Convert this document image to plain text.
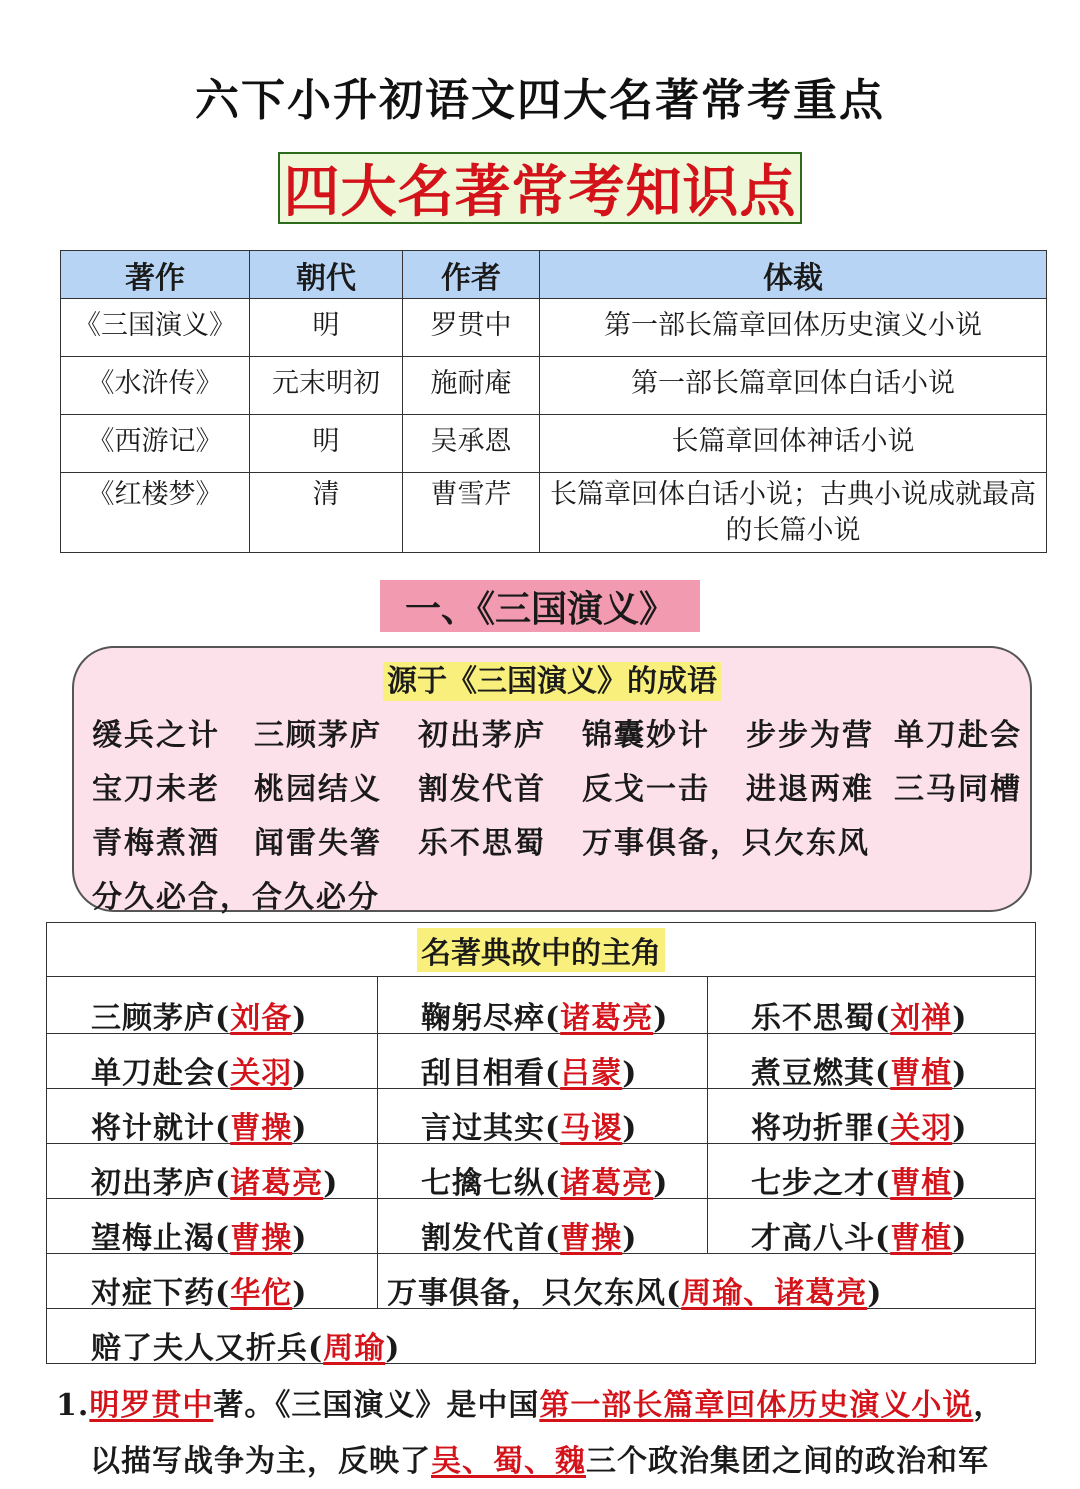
六下小升初语文四大名著常考重点
四大名著常考知识点
著作	朝代	作者	体裁
《三国演义》	明	罗贯中	第一部长篇章回体历史演义小说
《水浒传》	元末明初	施耐庵	第一部长篇章回体白话小说
《西游记》	明	吴承恩	长篇章回体神话小说
《红楼梦》	清	曹雪芹	长篇章回体白话小说；古典小说成就最高的长篇小说
一、《三国演义》
源于《三国演义》的成语
缓兵之计 三顾茅庐 初出茅庐 锦囊妙计 步步为营 单刀赴会
宝刀未老 桃园结义 割发代首 反戈一击 进退两难 三马同槽
青梅煮酒 闻雷失箸 乐不思蜀 万事俱备，只欠东风
分久必合，合久必分
名著典故中的主角
三顾茅庐(刘备)	鞠躬尽瘁(诸葛亮)	乐不思蜀(刘禅)
单刀赴会(关羽)	刮目相看(吕蒙)	煮豆燃萁(曹植)
将计就计(曹操)	言过其实(马谡)	将功折罪(关羽)
初出茅庐(诸葛亮)	七擒七纵(诸葛亮)	七步之才(曹植)
望梅止渴(曹操)	割发代首(曹操)	才高八斗(曹植)
对症下药(华佗)	万事俱备，只欠东风(周瑜、诸葛亮)
赔了夫人又折兵(周瑜)
1.明罗贯中著。《三国演义》是中国第一部长篇章回体历史演义小说，
以描写战争为主，反映了吴、蜀、魏三个政治集团之间的政治和军
